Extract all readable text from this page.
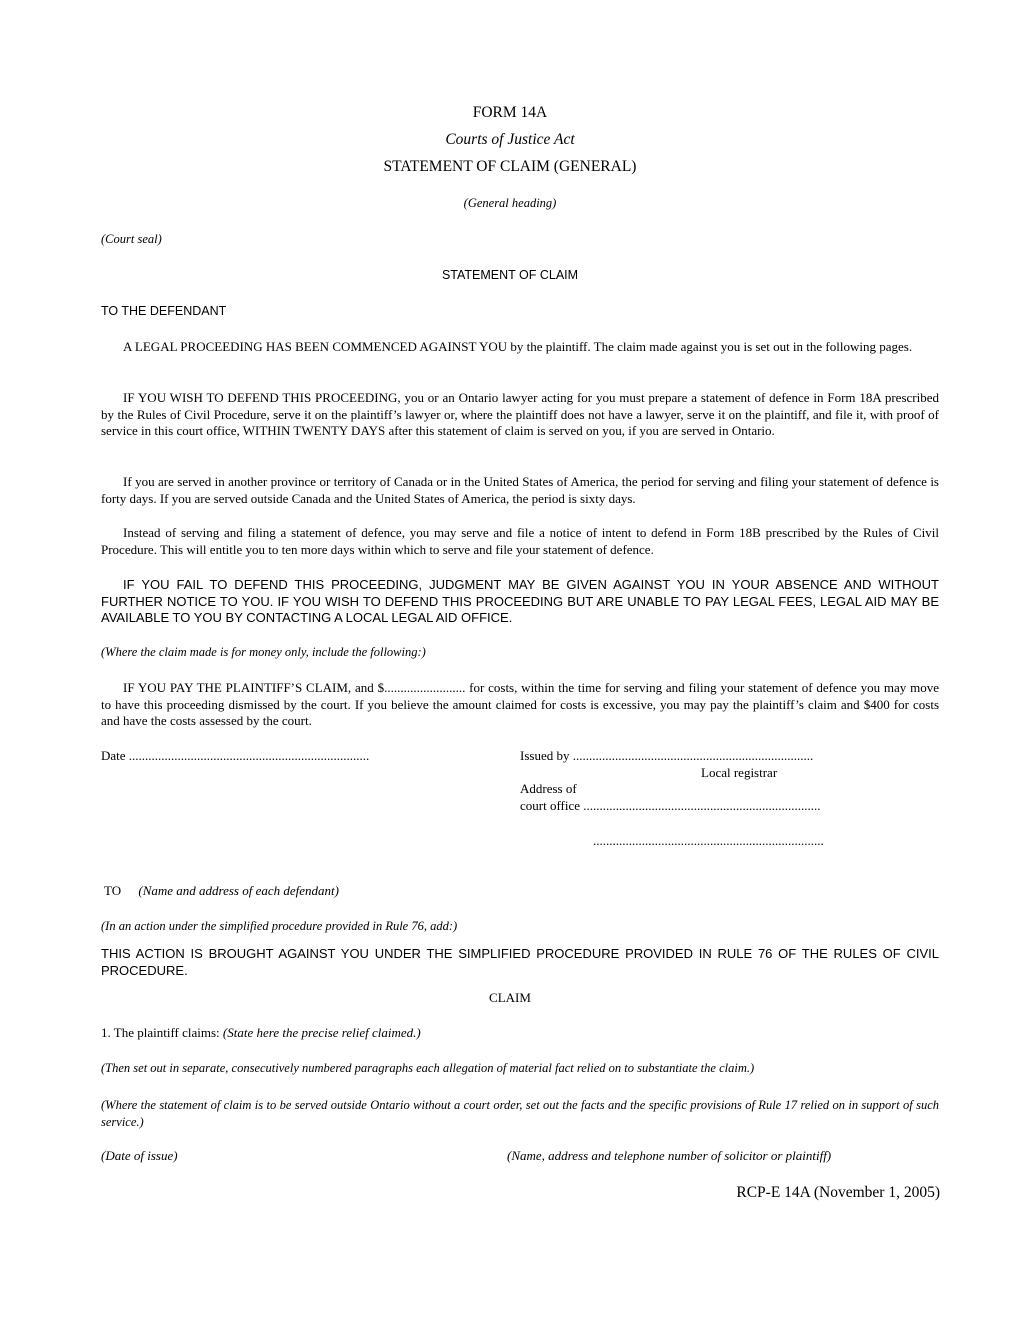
FORM 14A
Courts of Justice Act
STATEMENT OF CLAIM (GENERAL)
(General heading)
(Court seal)
STATEMENT OF CLAIM
TO THE DEFENDANT
A LEGAL PROCEEDING HAS BEEN COMMENCED AGAINST YOU by the plaintiff. The claim made against you is set out in the following pages.
IF YOU WISH TO DEFEND THIS PROCEEDING, you or an Ontario lawyer acting for you must prepare a statement of defence in Form 18A prescribed by the Rules of Civil Procedure, serve it on the plaintiff’s lawyer or, where the plaintiff does not have a lawyer, serve it on the plaintiff, and file it, with proof of service in this court office, WITHIN TWENTY DAYS after this statement of claim is served on you, if you are served in Ontario.
If you are served in another province or territory of Canada or in the United States of America, the period for serving and filing your statement of defence is forty days. If you are served outside Canada and the United States of America, the period is sixty days.
Instead of serving and filing a statement of defence, you may serve and file a notice of intent to defend in Form 18B prescribed by the Rules of Civil Procedure. This will entitle you to ten more days within which to serve and file your statement of defence.
IF YOU FAIL TO DEFEND THIS PROCEEDING, JUDGMENT MAY BE GIVEN AGAINST YOU IN YOUR ABSENCE AND WITHOUT FURTHER NOTICE TO YOU. IF YOU WISH TO DEFEND THIS PROCEEDING BUT ARE UNABLE TO PAY LEGAL FEES, LEGAL AID MAY BE AVAILABLE TO YOU BY CONTACTING A LOCAL LEGAL AID OFFICE.
(Where the claim made is for money only, include the following:)
IF YOU PAY THE PLAINTIFF’S CLAIM, and $......................... for costs, within the time for serving and filing your statement of defence you may move to have this proceeding dismissed by the court. If you believe the amount claimed for costs is excessive, you may pay the plaintiff’s claim and $400 for costs and have the costs assessed by the court.
Date ..........................................................................	Issued by ..........................................................................
Local registrar
Address of
court office .........................................................................
.......................................................................
TO (Name and address of each defendant)
(In an action under the simplified procedure provided in Rule 76, add:)
THIS ACTION IS BROUGHT AGAINST YOU UNDER THE SIMPLIFIED PROCEDURE PROVIDED IN RULE 76 OF THE RULES OF CIVIL PROCEDURE.
CLAIM
1. The plaintiff claims: (State here the precise relief claimed.)
(Then set out in separate, consecutively numbered paragraphs each allegation of material fact relied on to substantiate the claim.)
(Where the statement of claim is to be served outside Ontario without a court order, set out the facts and the specific provisions of Rule 17 relied on in support of such service.)
(Date of issue)	(Name, address and telephone number of solicitor or plaintiff)
RCP-E 14A (November 1, 2005)
